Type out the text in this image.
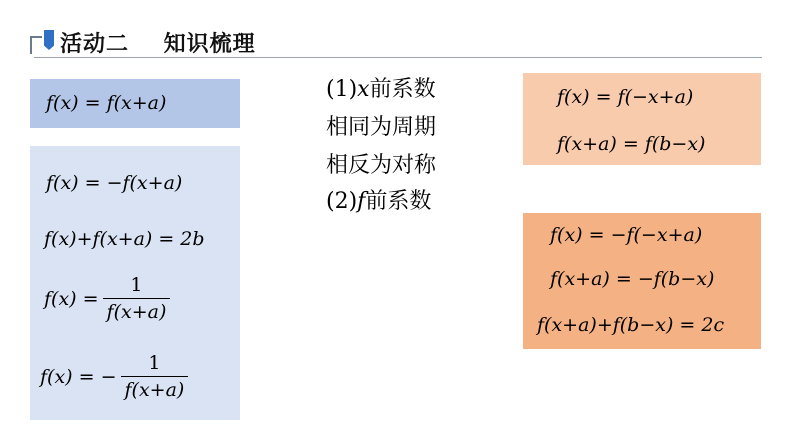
活动二    知识梳理
f(x) = f(x+a)
f(x) = −f(x+a)
f(x)+f(x+a) = 2b
$f(x) = \frac{1}{f(x+a)}$
f(x) = − $\frac{1}{f(x+a)}$
(1)x前系数
相同为周期
相反为对称
(2)f前系数
f(x) = f(−x+a)
f(x+a) = f(b−x)
f(x) = −f(−x+a)
f(x+a) = −f(b−x)
f(x+a)+f(b−x) = 2c
